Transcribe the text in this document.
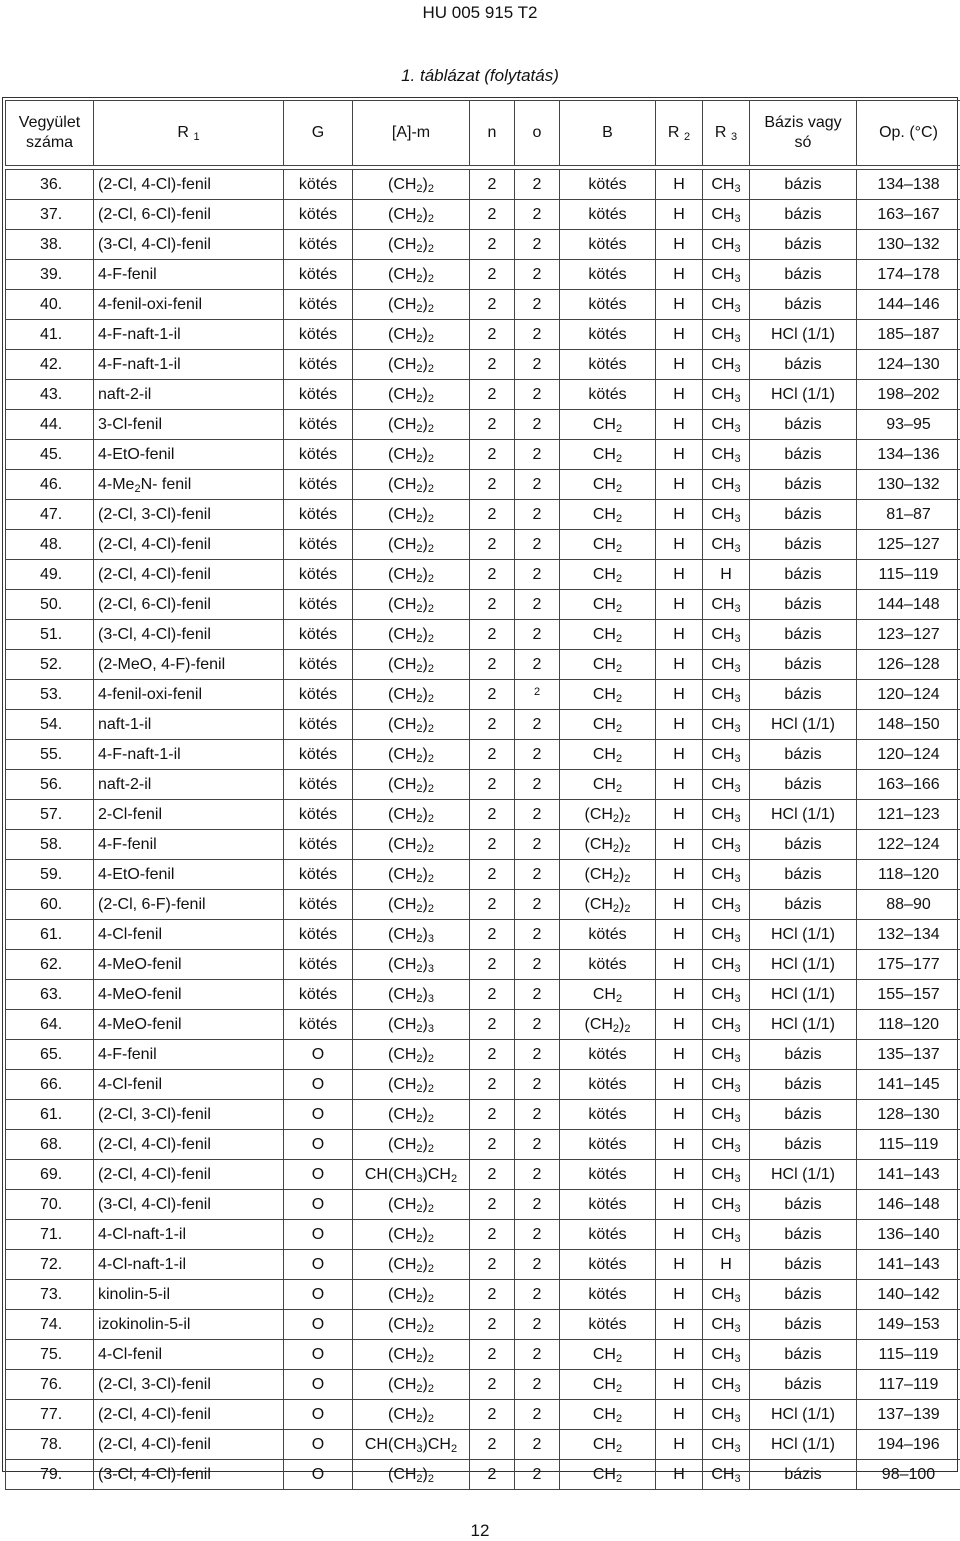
HU 005 915 T2
1. táblázat (folytatás)
Vegyület száma	R $_1$	G	[A]-m	n	o	B	R $_2$	R $_3$	Bázis vagy só	Op. (°C)

36.	(2-Cl, 4-Cl)-fenil	kötés	$(CH_2)_2$	2	2	kötés	H	$CH_3$	bázis	134–138
37.	(2-Cl, 6-Cl)-fenil	kötés	$(CH_2)_2$	2	2	kötés	H	$CH_3$	bázis	163–167
38.	(3-Cl, 4-Cl)-fenil	kötés	$(CH_2)_2$	2	2	kötés	H	$CH_3$	bázis	130–132
39.	4-F-fenil	kötés	$(CH_2)_2$	2	2	kötés	H	$CH_3$	bázis	174–178
40.	4-fenil-oxi-fenil	kötés	$(CH_2)_2$	2	2	kötés	H	$CH_3$	bázis	144–146
41.	4-F-naft-1-il	kötés	$(CH_2)_2$	2	2	kötés	H	$CH_3$	HCl (1/1)	185–187
42.	4-F-naft-1-il	kötés	$(CH_2)_2$	2	2	kötés	H	$CH_3$	bázis	124–130
43.	naft-2-il	kötés	$(CH_2)_2$	2	2	kötés	H	$CH_3$	HCl (1/1)	198–202
44.	3-Cl-fenil	kötés	$(CH_2)_2$	2	2	$CH_2$	H	$CH_3$	bázis	93–95
45.	4-EtO-fenil	kötés	$(CH_2)_2$	2	2	$CH_2$	H	$CH_3$	bázis	134–136
46.	$4-Me_2N-$ fenil	kötés	$(CH_2)_2$	2	2	$CH_2$	H	$CH_3$	bázis	130–132
47.	(2-Cl, 3-Cl)-fenil	kötés	$(CH_2)_2$	2	2	$CH_2$	H	$CH_3$	bázis	81–87
48.	(2-Cl, 4-Cl)-fenil	kötés	$(CH_2)_2$	2	2	$CH_2$	H	$CH_3$	bázis	125–127
49.	(2-Cl, 4-Cl)-fenil	kötés	$(CH_2)_2$	2	2	$CH_2$	H	H	bázis	115–119
50.	(2-Cl, 6-Cl)-fenil	kötés	$(CH_2)_2$	2	2	$CH_2$	H	$CH_3$	bázis	144–148
51.	(3-Cl, 4-Cl)-fenil	kötés	$(CH_2)_2$	2	2	$CH_2$	H	$CH_3$	bázis	123–127
52.	(2-MeO, 4-F)-fenil	kötés	$(CH_2)_2$	2	2	$CH_2$	H	$CH_3$	bázis	126–128
53.	4-fenil-oxi-fenil	kötés	$(CH_2)_2$	2	$^2$	$CH_2$	H	$CH_3$	bázis	120–124
54.	naft-1-il	kötés	$(CH_2)_2$	2	2	$CH_2$	H	$CH_3$	HCl (1/1)	148–150
55.	4-F-naft-1-il	kötés	$(CH_2)_2$	2	2	$CH_2$	H	$CH_3$	bázis	120–124
56.	naft-2-il	kötés	$(CH_2)_2$	2	2	$CH_2$	H	$CH_3$	bázis	163–166
57.	2-Cl-fenil	kötés	$(CH_2)_2$	2	2	$(CH_2)_2$	H	$CH_3$	HCl (1/1)	121–123
58.	4-F-fenil	kötés	$(CH_2)_2$	2	2	$(CH_2)_2$	H	$CH_3$	bázis	122–124
59.	4-EtO-fenil	kötés	$(CH_2)_2$	2	2	$(CH_2)_2$	H	$CH_3$	bázis	118–120
60.	(2-Cl, 6-F)-fenil	kötés	$(CH_2)_2$	2	2	$(CH_2)_2$	H	$CH_3$	bázis	88–90
61.	4-Cl-fenil	kötés	$(CH_2)_3$	2	2	kötés	H	$CH_3$	HCl (1/1)	132–134
62.	4-MeO-fenil	kötés	$(CH_2)_3$	2	2	kötés	H	$CH_3$	HCl (1/1)	175–177
63.	4-MeO-fenil	kötés	$(CH_2)_3$	2	2	$CH_2$	H	$CH_3$	HCl (1/1)	155–157
64.	4-MeO-fenil	kötés	$(CH_2)_3$	2	2	$(CH_2)_2$	H	$CH_3$	HCl (1/1)	118–120
65.	4-F-fenil	O	$(CH_2)_2$	2	2	kötés	H	$CH_3$	bázis	135–137
66.	4-Cl-fenil	O	$(CH_2)_2$	2	2	kötés	H	$CH_3$	bázis	141–145
61.	(2-Cl, 3-Cl)-fenil	O	$(CH_2)_2$	2	2	kötés	H	$CH_3$	bázis	128–130
68.	(2-Cl, 4-Cl)-fenil	O	$(CH_2)_2$	2	2	kötés	H	$CH_3$	bázis	115–119
69.	(2-Cl, 4-Cl)-fenil	O	$CH(CH_3)CH_2$	2	2	kötés	H	$CH_3$	HCl (1/1)	141–143
70.	(3-Cl, 4-Cl)-fenil	O	$(CH_2)_2$	2	2	kötés	H	$CH_3$	bázis	146–148
71.	4-Cl-naft-1-il	O	$(CH_2)_2$	2	2	kötés	H	$CH_3$	bázis	136–140
72.	4-Cl-naft-1-il	O	$(CH_2)_2$	2	2	kötés	H	H	bázis	141–143
73.	kinolin-5-il	O	$(CH_2)_2$	2	2	kötés	H	$CH_3$	bázis	140–142
74.	izokinolin-5-il	O	$(CH_2)_2$	2	2	kötés	H	$CH_3$	bázis	149–153
75.	4-Cl-fenil	O	$(CH_2)_2$	2	2	$CH_2$	H	$CH_3$	bázis	115–119
76.	(2-Cl, 3-Cl)-fenil	O	$(CH_2)_2$	2	2	$CH_2$	H	$CH_3$	bázis	117–119
77.	(2-Cl, 4-Cl)-fenil	O	$(CH_2)_2$	2	2	$CH_2$	H	$CH_3$	HCl (1/1)	137–139
78.	(2-Cl, 4-Cl)-fenil	O	$CH(CH_3)CH_2$	2	2	$CH_2$	H	$CH_3$	HCl (1/1)	194–196
79.	(3-Cl, 4-Cl)-fenil	O	$(CH_2)_2$	2	2	$CH_2$	H	$CH_3$	bázis	98–100
12
